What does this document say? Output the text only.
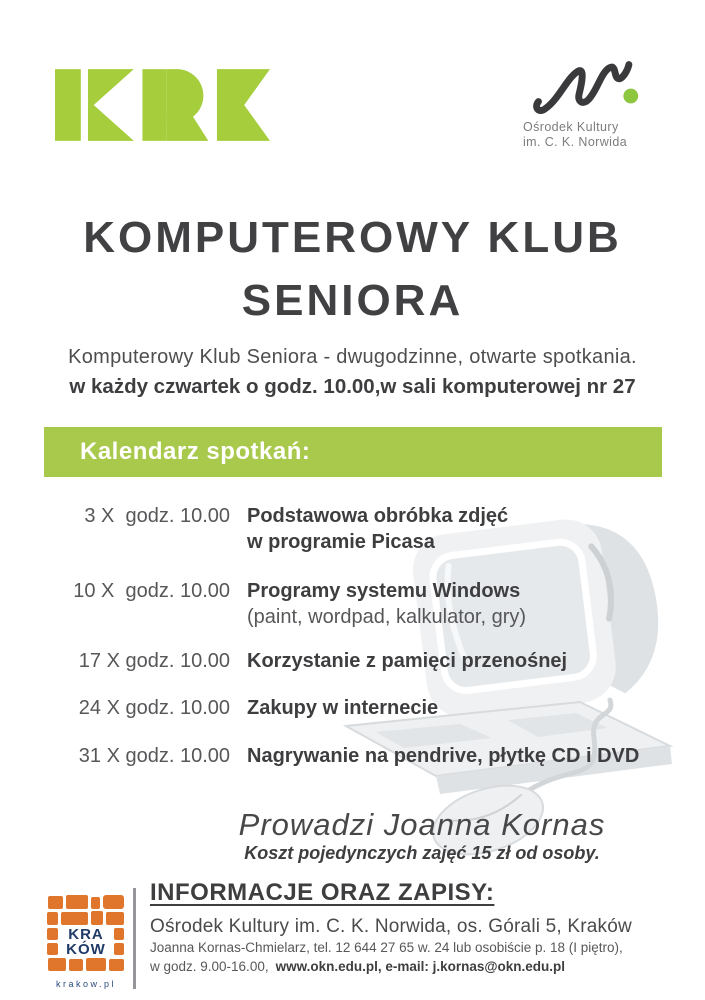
Ośrodek Kultury
im. C. K. Norwida
KOMPUTEROWY KLUB
SENIORA
Komputerowy Klub Seniora - dwugodzinne, otwarte spotkania.
w każdy czwartek o godz. 10.00,w sali komputerowej nr 27
Kalendarz spotkań:
3 X  godz. 10.00 Podstawowa obróbka zdjęć
w programie Picasa
10 X  godz. 10.00 Programy systemu Windows
(paint, wordpad, kalkulator, gry)
17 X godz. 10.00 Korzystanie z pamięci przenośnej
24 X godz. 10.00 Zakupy w internecie
31 X godz. 10.00 Nagrywanie na pendrive, płytkę CD i DVD
Prowadzi Joanna Kornas
Koszt pojedynczych zajęć 15 zł od osoby.
KRA
KÓW
krakow.pl
INFORMACJE ORAZ ZAPISY:
Ośrodek Kultury im. C. K. Norwida, os. Górali 5, Kraków
Joanna Kornas-Chmielarz, tel. 12 644 27 65 w. 24 lub osobiście p. 18 (I piętro),
w godz. 9.00-16.00, www.okn.edu.pl, e-mail: j.kornas@okn.edu.pl
